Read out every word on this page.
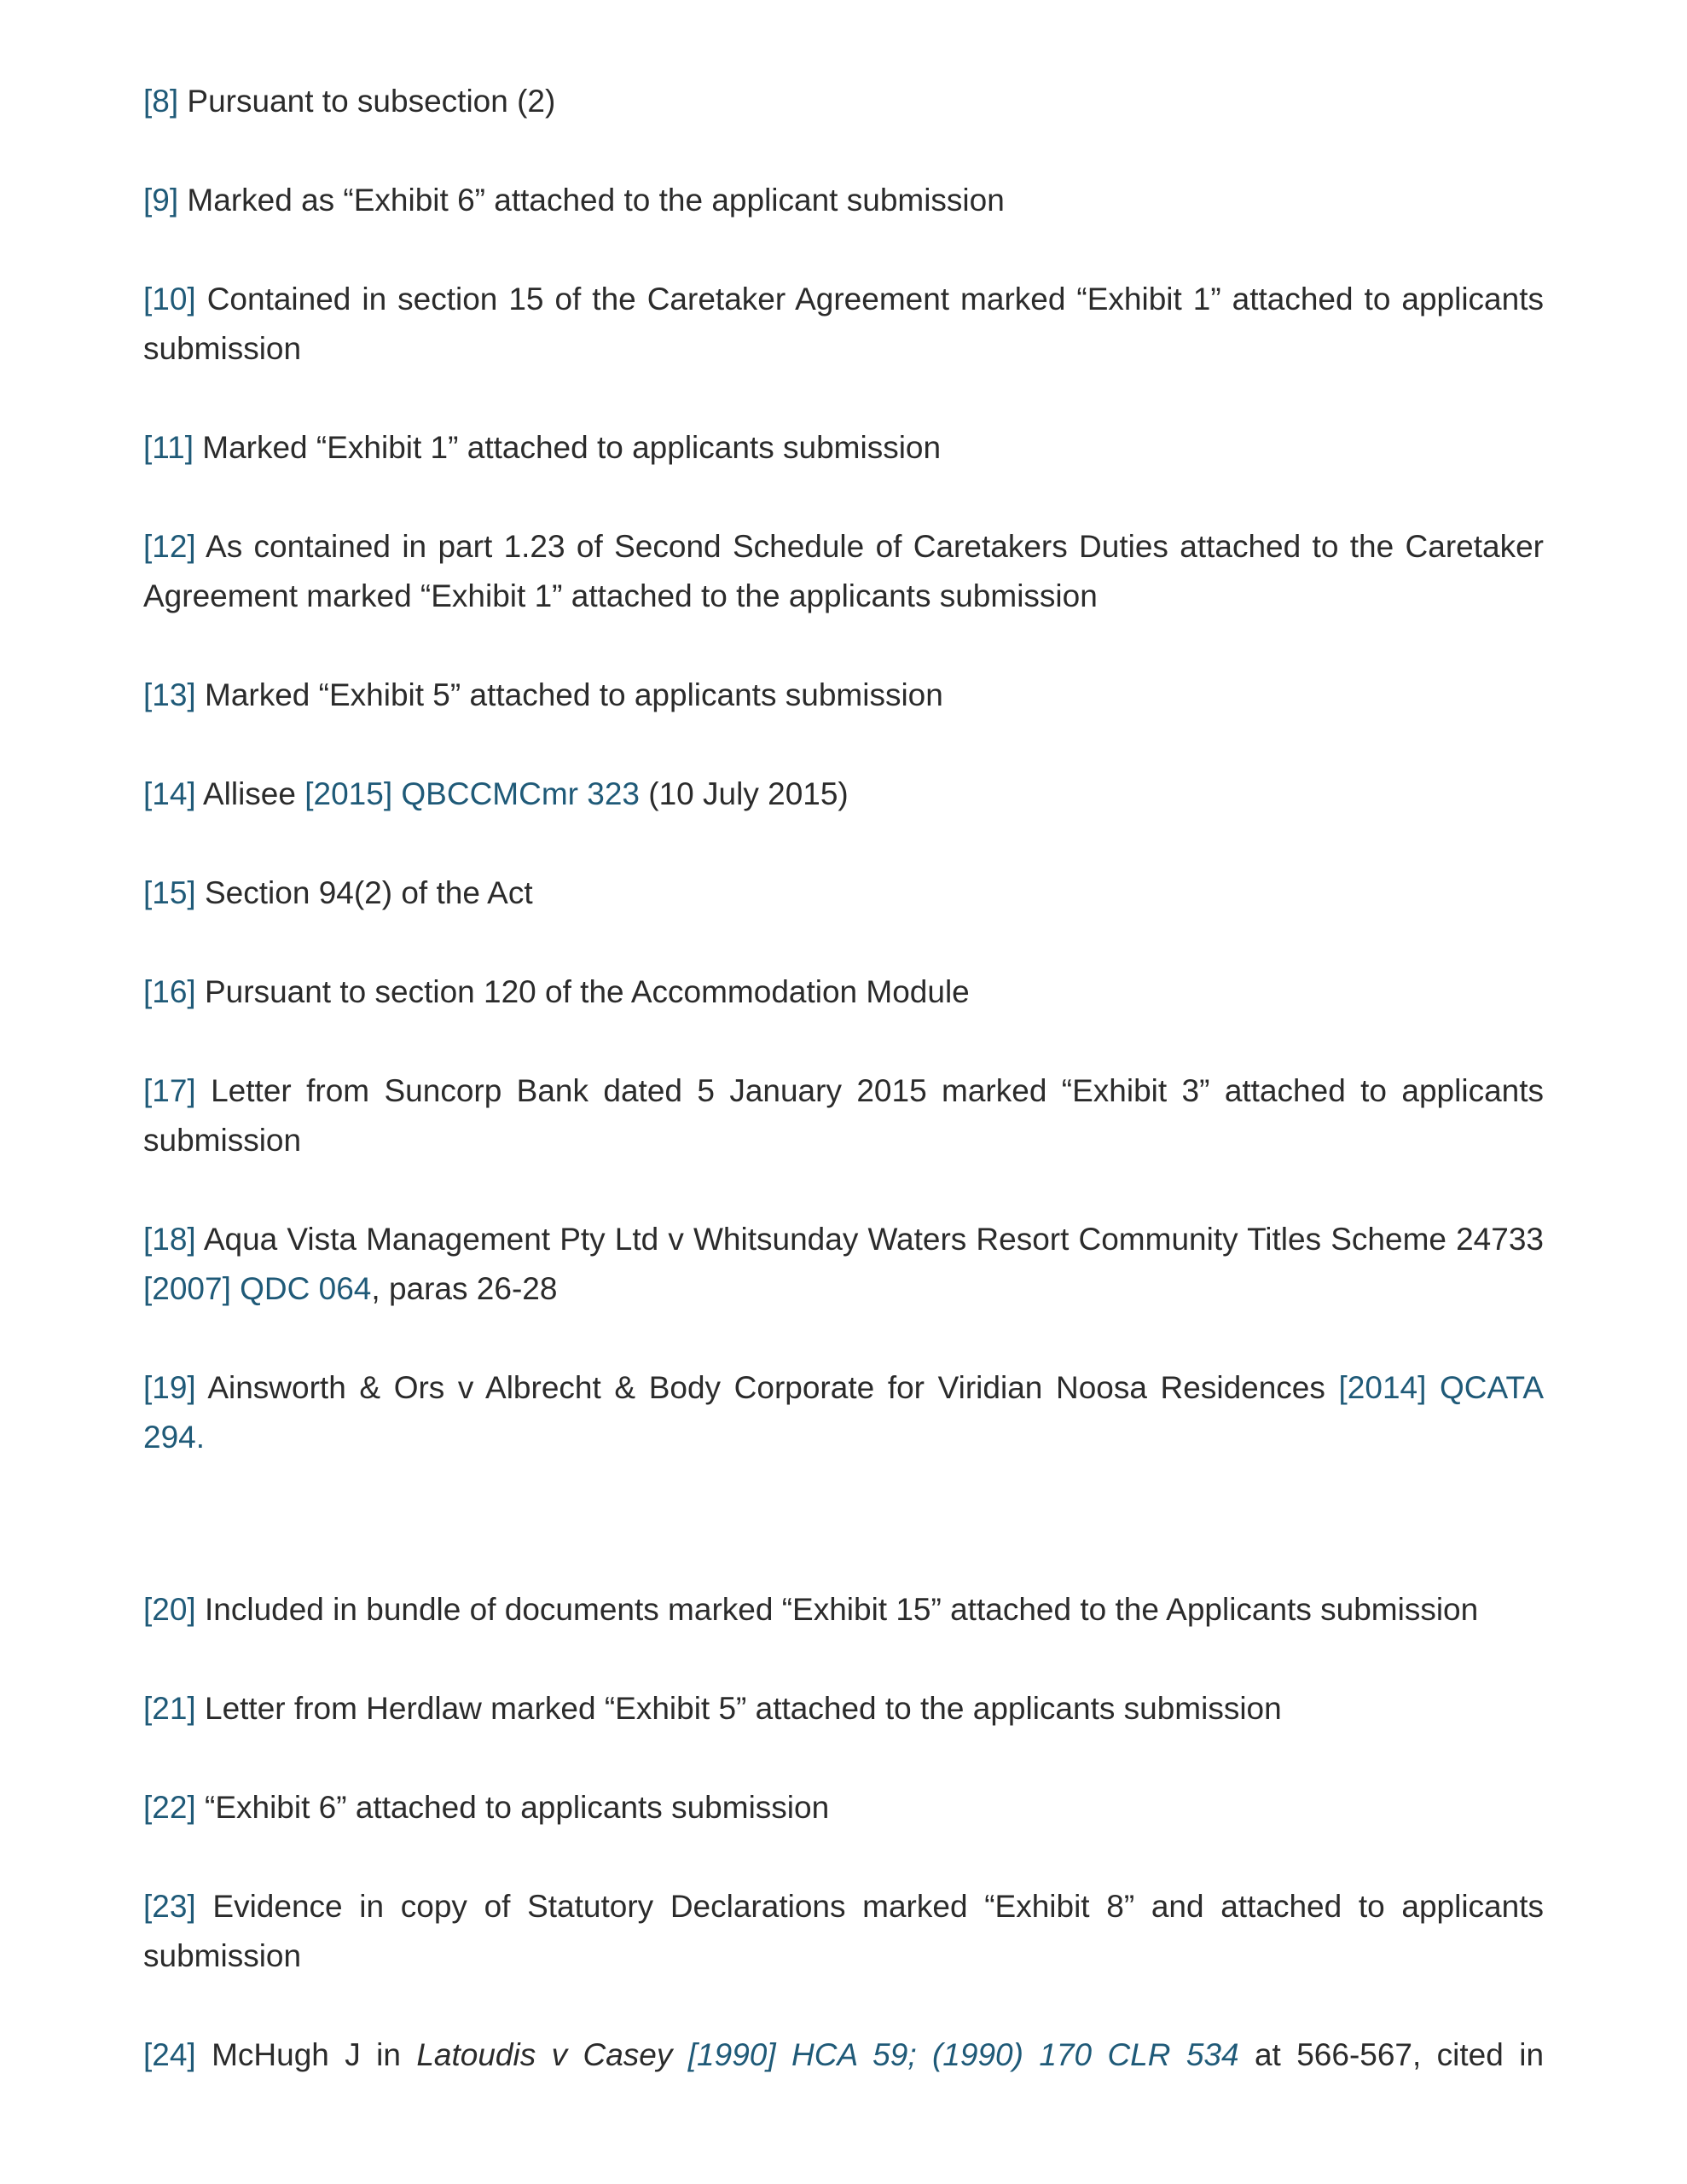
[8] Pursuant to subsection (2)

[9] Marked as “Exhibit 6” attached to the applicant submission

[10] Contained in section 15 of the Caretaker Agreement marked “Exhibit 1” attached to applicants submission

[11] Marked “Exhibit 1” attached to applicants submission

[12] As contained in part 1.23 of Second Schedule of Caretakers Duties attached to the Caretaker Agreement marked “Exhibit 1” attached to the applicants submission

[13] Marked “Exhibit 5” attached to applicants submission

[14] Allisee [2015] QBCCMCmr 323 (10 July 2015)

[15] Section 94(2) of the Act

[16] Pursuant to section 120 of the Accommodation Module

[17] Letter from Suncorp Bank dated 5 January 2015 marked “Exhibit 3” attached to applicants submission

[18] Aqua Vista Management Pty Ltd v Whitsunday Waters Resort Community Titles Scheme 24733 [2007] QDC 064, paras 26-28

[19] Ainsworth & Ors v Albrecht & Body Corporate for Viridian Noosa Residences [2014] QCATA 294.

[20] Included in bundle of documents marked “Exhibit 15” attached to the Applicants submission

[21] Letter from Herdlaw marked “Exhibit 5” attached to the applicants submission

[22] “Exhibit 6” attached to applicants submission

[23] Evidence in copy of Statutory Declarations marked “Exhibit 8” and attached to applicants submission

[24] McHugh J in Latoudis v Casey [1990] HCA 59; (1990) 170 CLR 534 at 566-567, cited in
